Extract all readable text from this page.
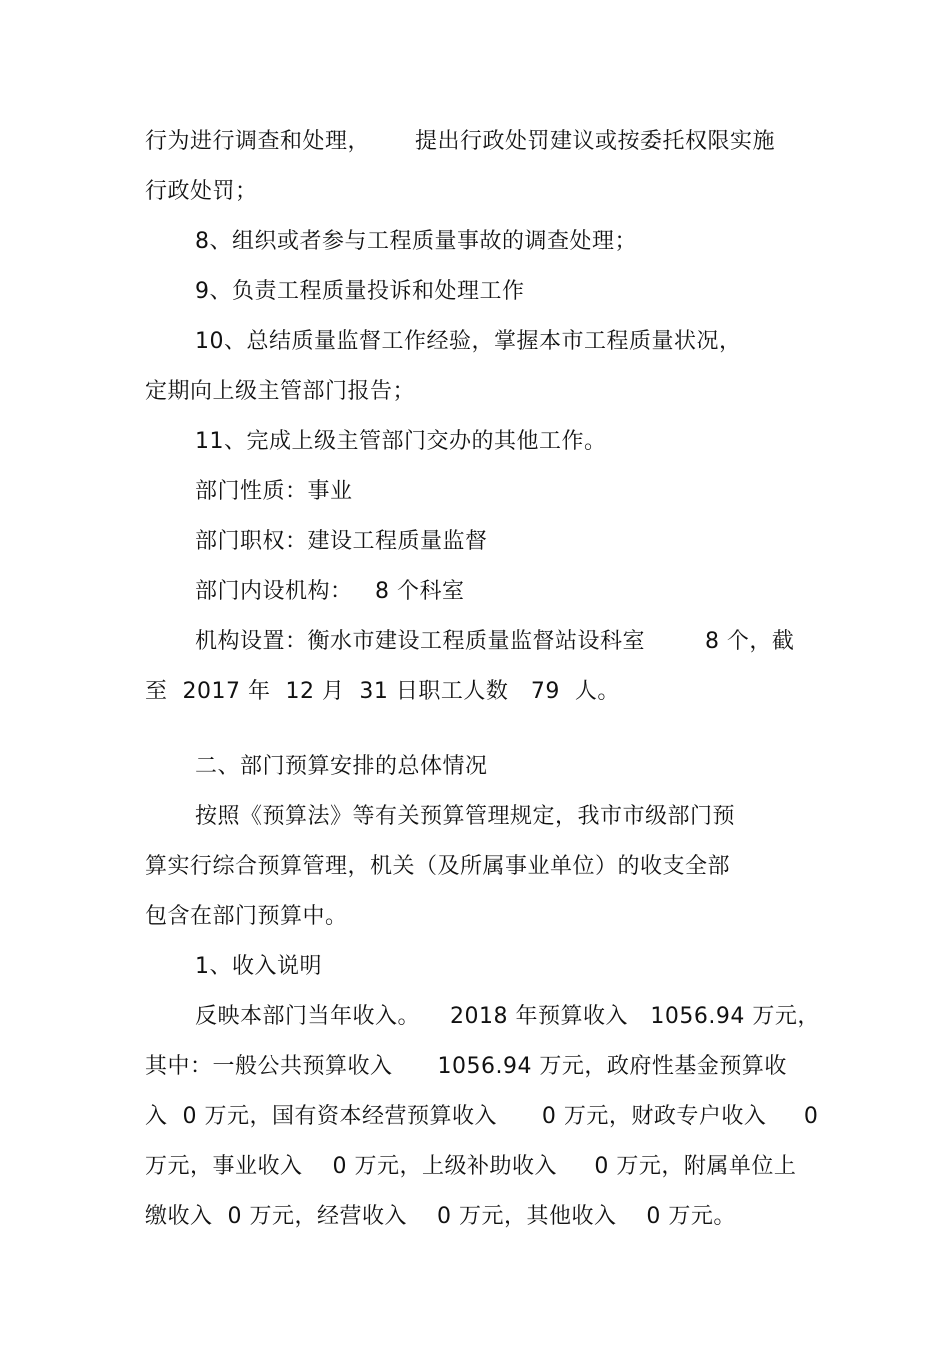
行为进行调查和处理，      提出行政处罚建议或按委托权限实施
行政处罚；
8、组织或者参与工程质量事故的调查处理；
9、负责工程质量投诉和处理工作
10、总结质量监督工作经验，掌握本市工程质量状况，
定期向上级主管部门报告；
11、完成上级主管部门交办的其他工作。
部门性质：事业
部门职权：建设工程质量监督
部门内设机构：   8 个科室
机构设置：衡水市建设工程质量监督站设科室        8 个，截
至  2017 年  12 月  31 日职工人数   79  人。
二、部门预算安排的总体情况
按照《预算法》等有关预算管理规定，我市市级部门预
算实行综合预算管理，机关（及所属事业单位）的收支全部
包含在部门预算中。
1、收入说明
反映本部门当年收入。    2018 年预算收入   1056.94 万元，
其中：一般公共预算收入      1056.94 万元，政府性基金预算收
入  0 万元，国有资本经营预算收入      0 万元，财政专户收入     0
万元，事业收入    0 万元，上级补助收入     0 万元，附属单位上
缴收入  0 万元，经营收入    0 万元，其他收入    0 万元。
